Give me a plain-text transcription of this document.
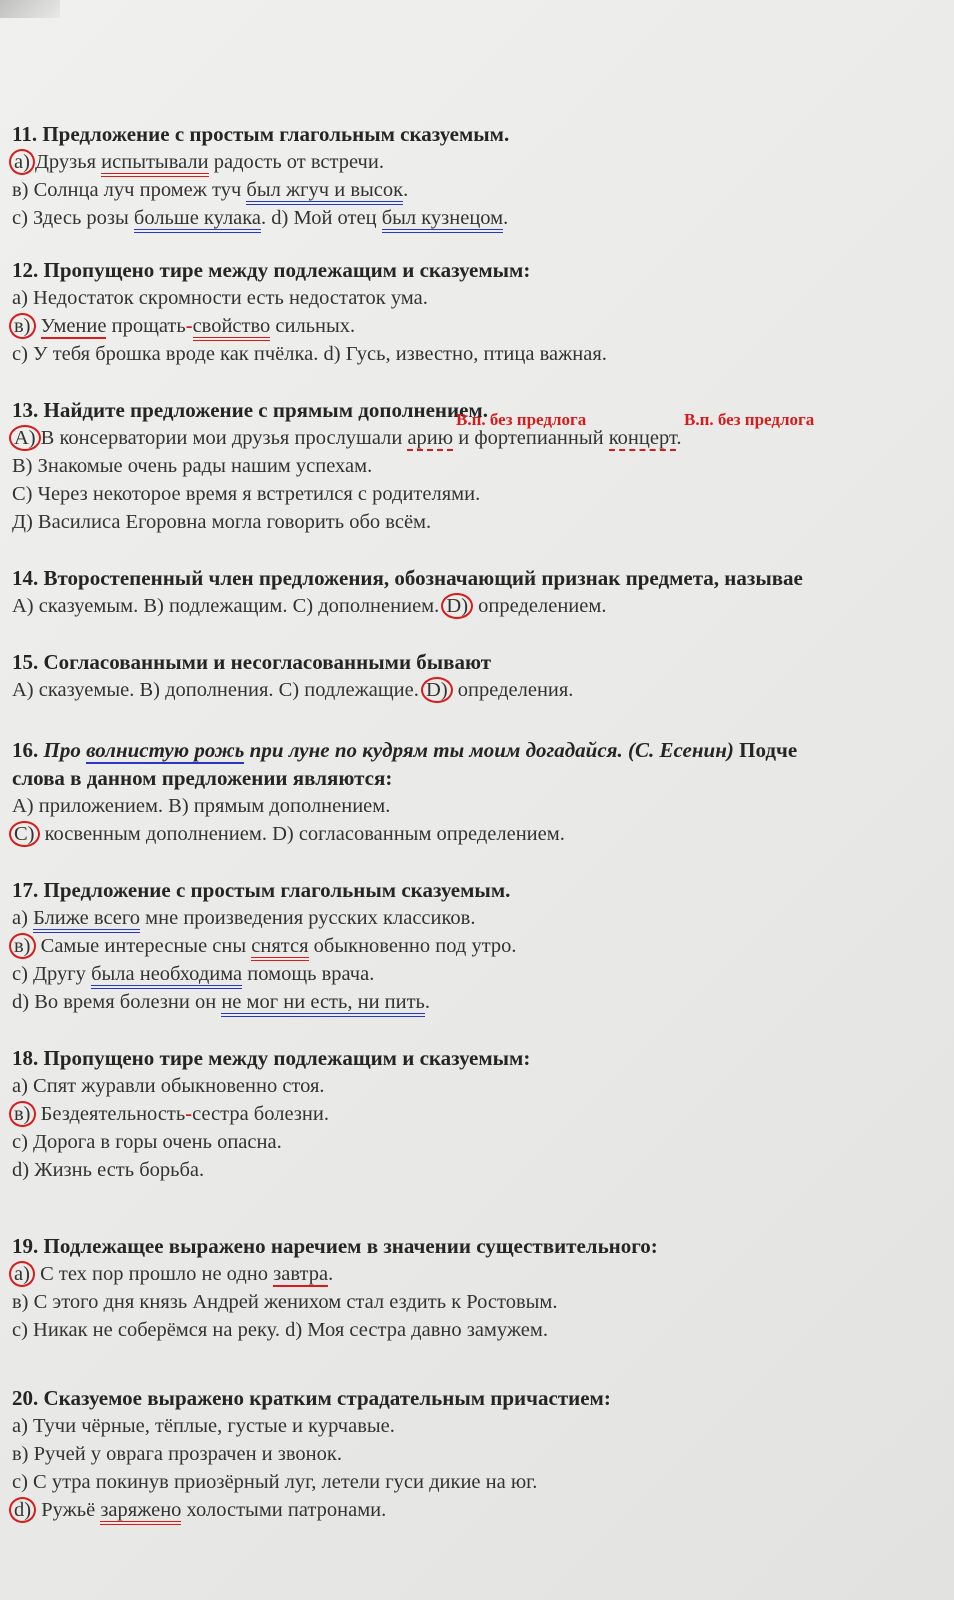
11. Предложение с простым глагольным сказуемым.
а) Друзья испытывали радость от встречи.
в) Солнца луч промеж туч был жгуч и высок.
с) Здесь розы больше кулака. d) Мой отец был кузнецом.
12. Пропущено тире между подлежащим и сказуемым:
а) Недостаток скромности есть недостаток ума.
в) Умение прощать-свойство сильных.
с) У тебя брошка вроде как пчёлка. d) Гусь, известно, птица важная.
13. Найдите предложение с прямым дополнением.
В.п. без предлога	В.п. без предлога
А) В консерватории мои друзья прослушали арию и фортепианный концерт.
В) Знакомые очень рады нашим успехам.
С) Через некоторое время я встретился с родителями.
Д) Василиса Егоровна могла говорить обо всём.
14. Второстепенный член предложения, обозначающий признак предмета, называе
А) сказуемым. В) подлежащим. С) дополнением. D) определением.
15. Согласованными и несогласованными бывают
А) сказуемые. В) дополнения. С) подлежащие. D) определения.
16. Про волнистую рожь при луне по кудрям ты моим догадайся. (С. Есенин) Подче
слова в данном предложении являются:
А) приложением. В) прямым дополнением.
С) косвенным дополнением. D) согласованным определением.
17. Предложение с простым глагольным сказуемым.
а) Ближе всего мне произведения русских классиков.
в) Самые интересные сны снятся обыкновенно под утро.
с) Другу была необходима помощь врача.
d) Во время болезни он не мог ни есть, ни пить.
18. Пропущено тире между подлежащим и сказуемым:
а) Спят журавли обыкновенно стоя.
в) Бездеятельность-сестра болезни.
с) Дорога в горы очень опасна.
d) Жизнь есть борьба.
19. Подлежащее выражено наречием в значении существительного:
а) С тех пор прошло не одно завтра.
в) С этого дня князь Андрей женихом стал ездить к Ростовым.
с) Никак не соберёмся на реку. d) Моя сестра давно замужем.
20. Сказуемое выражено кратким страдательным причастием:
а) Тучи чёрные, тёплые, густые и курчавые.
в) Ручей у оврага прозрачен и звонок.
с) С утра покинув приозёрный луг, летели гуси дикие на юг.
d) Ружьё заряжено холостыми патронами.
